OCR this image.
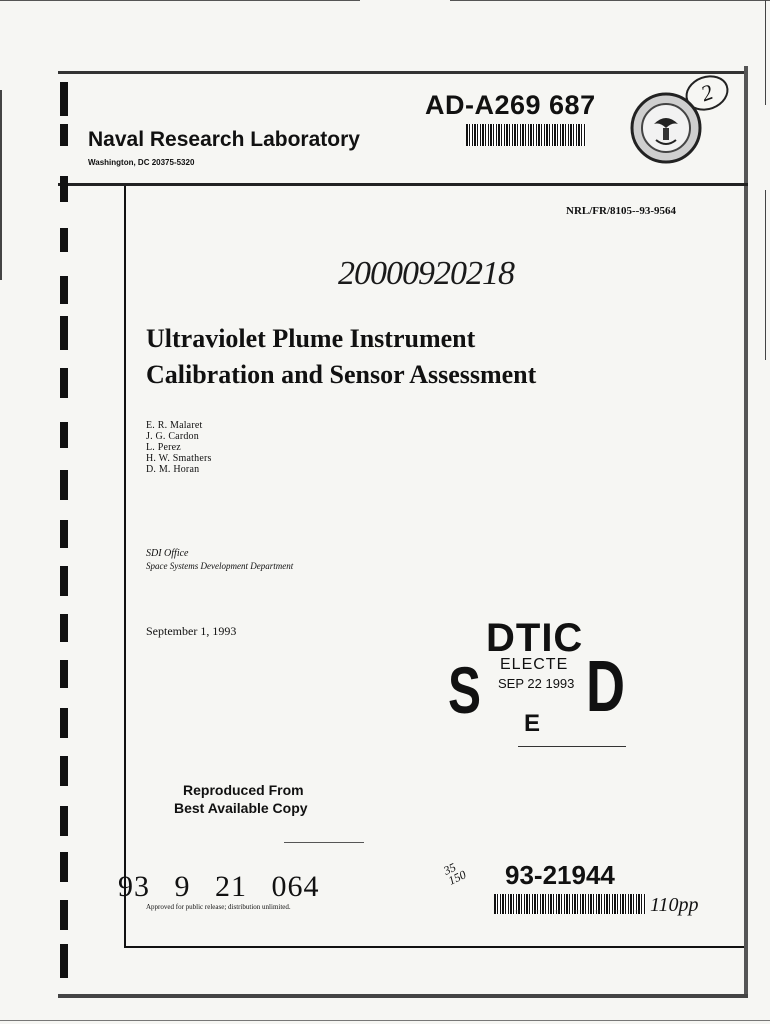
AD-A269 687	2
Naval Research Laboratory
Washington, DC 20375-5320
NRL/FR/8105--93-9564
20000920218
Ultraviolet Plume Instrument
Calibration and Sensor Assessment
E. R. Malaret
J. G. Cardon
L. Perez
H. W. Smathers
D. M. Horan
SDI Office
Space Systems Development Department
September 1, 1993	DTIC
ELECTE
SEP 22 1993
S D
E
Reproduced From
Best Available Copy
93 9 21 064
Approved for public release; distribution unlimited.
35
150 93-21944
110pp
